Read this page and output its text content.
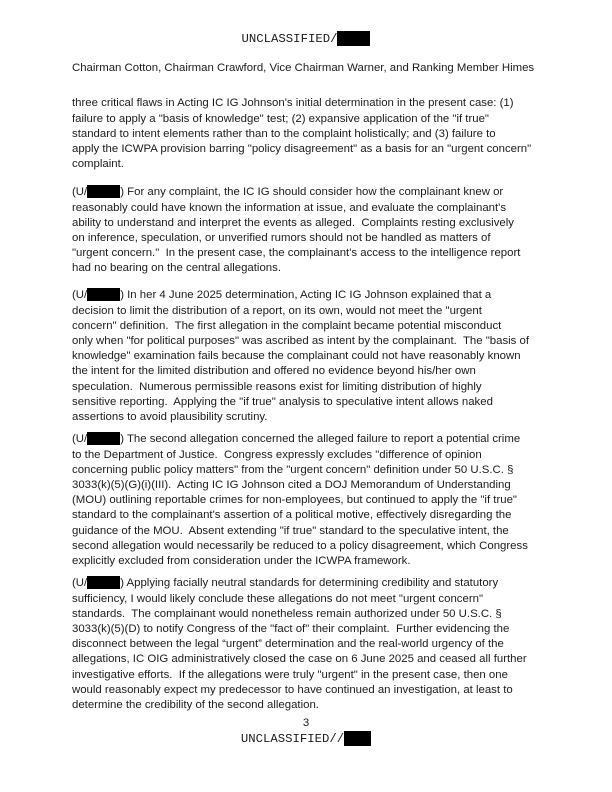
UNCLASSIFIED/
Chairman Cotton, Chairman Crawford, Vice Chairman Warner, and Ranking Member Himes
three critical flaws in Acting IC IG Johnson's initial determination in the present case: (1)
failure to apply a "basis of knowledge" test; (2) expansive application of the "if true"
standard to intent elements rather than to the complaint holistically; and (3) failure to
apply the ICWPA provision barring "policy disagreement" as a basis for an "urgent concern"
complaint.
(U/	) For any complaint, the IC IG should consider how the complainant knew or
reasonably could have known the information at issue, and evaluate the complainant's
ability to understand and interpret the events as alleged.  Complaints resting exclusively
on inference, speculation, or unverified rumors should not be handled as matters of
"urgent concern."  In the present case, the complainant's access to the intelligence report
had no bearing on the central allegations.
(U/	) In her 4 June 2025 determination, Acting IC IG Johnson explained that a
decision to limit the distribution of a report, on its own, would not meet the "urgent
concern" definition.  The first allegation in the complaint became potential misconduct
only when "for political purposes" was ascribed as intent by the complainant.  The "basis of
knowledge" examination fails because the complainant could not have reasonably known
the intent for the limited distribution and offered no evidence beyond his/her own
speculation.  Numerous permissible reasons exist for limiting distribution of highly
sensitive reporting.  Applying the "if true" analysis to speculative intent allows naked
assertions to avoid plausibility scrutiny.
(U/	) The second allegation concerned the alleged failure to report a potential crime
to the Department of Justice.  Congress expressly excludes "difference of opinion
concerning public policy matters" from the "urgent concern" definition under 50 U.S.C. §
3033(k)(5)(G)(i)(III).  Acting IC IG Johnson cited a DOJ Memorandum of Understanding
(MOU) outlining reportable crimes for non-employees, but continued to apply the "if true"
standard to the complainant's assertion of a political motive, effectively disregarding the
guidance of the MOU.  Absent extending "if true" standard to the speculative intent, the
second allegation would necessarily be reduced to a policy disagreement, which Congress
explicitly excluded from consideration under the ICWPA framework.
(U/	) Applying facially neutral standards for determining credibility and statutory
sufficiency, I would likely conclude these allegations do not meet "urgent concern"
standards.  The complainant would nonetheless remain authorized under 50 U.S.C. §
3033(k)(5)(D) to notify Congress of the "fact of" their complaint.  Further evidencing the
disconnect between the legal “urgent” determination and the real-world urgency of the
allegations, IC OIG administratively closed the case on 6 June 2025 and ceased all further
investigative efforts.  If the allegations were truly "urgent" in the present case, then one
would reasonably expect my predecessor to have continued an investigation, at least to
determine the credibility of the second allegation.
3
UNCLASSIFIED//
